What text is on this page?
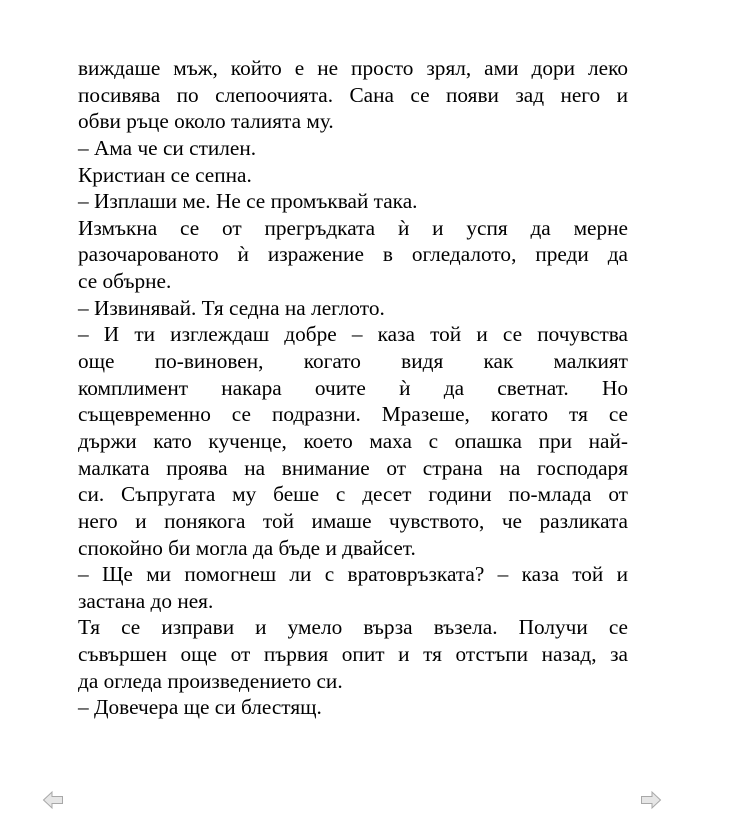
виждаше мъж, който е не просто зрял, ами дори леко
посивява по слепоочията. Сана се появи зад него и
обви ръце около талията му.
– Ама че си стилен.
Кристиан се сепна.
– Изплаши ме. Не се промъквай така.
Измъкна се от прегръдката ѝ и успя да мерне
разочарованото ѝ изражение в огледалото, преди да
се обърне.
– Извинявай. Тя седна на леглото.
– И ти изглеждаш добре – каза той и се почувства
още по-виновен, когато видя как малкият
комплимент накара очите ѝ да светнат. Но
същевременно се подразни. Мразеше, когато тя се
държи като кученце, което маха с опашка при най-
малката проява на внимание от страна на господаря
си. Съпругата му беше с десет години по-млада от
него и понякога той имаше чувството, че разликата
спокойно би могла да бъде и двайсет.
– Ще ми помогнеш ли с вратовръзката? – каза той и
застана до нея.
Тя се изправи и умело върза възела. Получи се
съвършен още от първия опит и тя отстъпи назад, за
да огледа произведението си.
– Довечера ще си блестящ.
